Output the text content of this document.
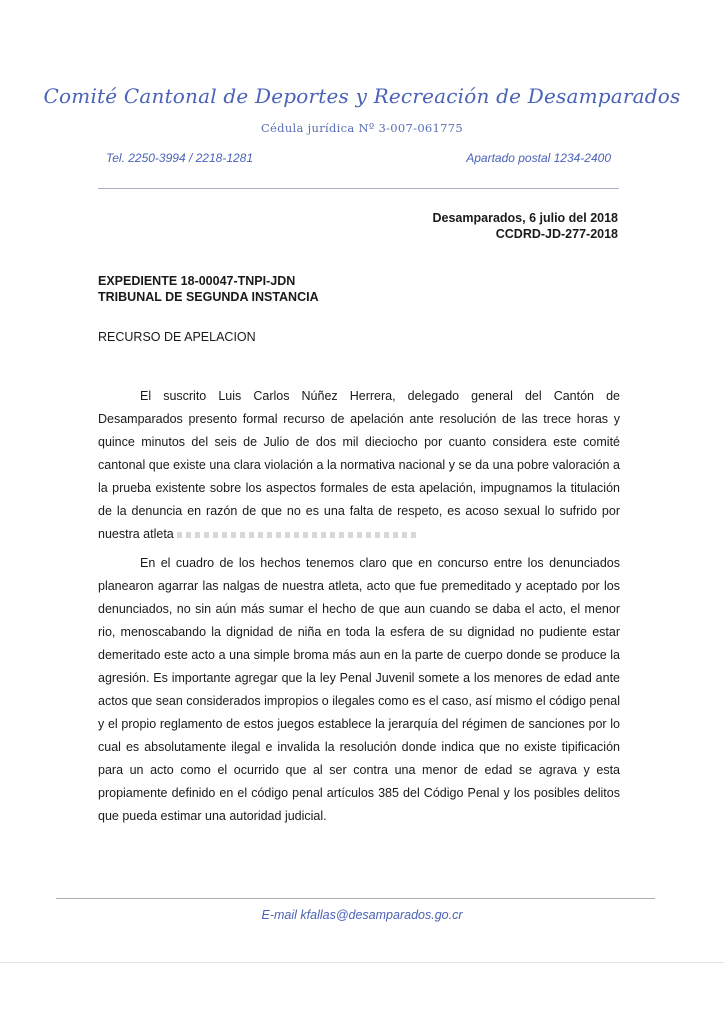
Comité Cantonal de Deportes y Recreación de Desamparados
Cédula jurídica Nº 3-007-061775
Tel. 2250-3994 / 2218-1281	Apartado postal 1234-2400
Desamparados, 6 julio del 2018
CCDRD-JD-277-2018
EXPEDIENTE 18-00047-TNPI-JDN
TRIBUNAL DE SEGUNDA INSTANCIA
RECURSO DE APELACION

El suscrito Luis Carlos Núñez Herrera, delegado general del Cantón de Desamparados presento formal recurso de apelación ante resolución de las trece horas y quince minutos del seis de Julio de dos mil dieciocho por cuanto considera este comité cantonal que existe una clara violación a la normativa nacional y se da una pobre valoración a la prueba existente sobre los aspectos formales de esta apelación, impugnamos la titulación de la denuncia en razón de que no es una falta de respeto, es acoso sexual lo sufrido por nuestra atleta

En el cuadro de los hechos tenemos claro que en concurso entre los denunciados planearon agarrar las nalgas de nuestra atleta, acto que fue premeditado y aceptado por los denunciados, no sin aún más sumar el hecho de que aun cuando se daba el acto, el menor rio, menoscabando la dignidad de niña en toda la esfera de su dignidad no pudiente estar demeritado este acto a una simple broma más aun en la parte de cuerpo donde se produce la agresión. Es importante agregar que la ley Penal Juvenil somete a los menores de edad ante actos que sean considerados impropios o ilegales como es el caso, así mismo el código penal y el propio reglamento de estos juegos establece la jerarquía del régimen de sanciones por lo cual es absolutamente ilegal e invalida la resolución donde indica que no existe tipificación para un acto como el ocurrido que al ser contra una menor de edad se agrava y esta propiamente definido en el código penal artículos 385 del Código Penal y los posibles delitos que pueda estimar una autoridad judicial.

E-mail kfallas@desamparados.go.cr
